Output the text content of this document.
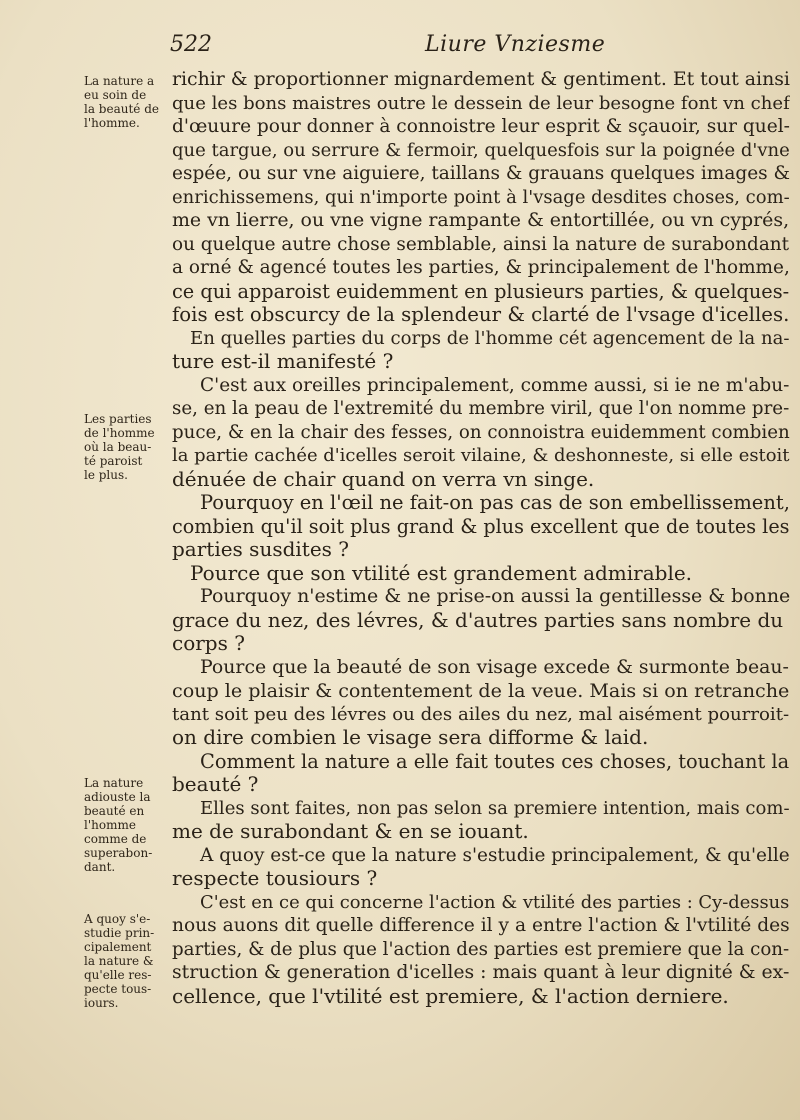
522	Liure Vnziesme
La nature a
eu soin de
la beauté de
l'homme.
Les parties
de l'homme
où la beau-
té paroist
le plus.
La nature
adiouste la
beauté en
l'homme
comme de
superabon-
dant.
A quoy s'e-
studie prin-
cipalement
la nature &
qu'elle res-
pecte tous-
iours.
richir & proportionner mignardement & gentiment. Et tout ainsi
que les bons maistres outre le dessein de leur besogne font vn chef
d'œuure pour donner à connoistre leur esprit & sçauoir, sur quel-
que targue, ou serrure & fermoir, quelquesfois sur la poignée d'vne
espée, ou sur vne aiguiere, taillans & grauans quelques images &
enrichissemens, qui n'importe point à l'vsage desdites choses, com-
me vn lierre, ou vne vigne rampante & entortillée, ou vn cyprés,
ou quelque autre chose semblable, ainsi la nature de surabondant
a orné & agencé toutes les parties, & principalement de l'homme,
ce qui apparoist euidemment en plusieurs parties, & quelques-
fois est obscurcy de la splendeur & clarté de l'vsage d'icelles.
En quelles parties du corps de l'homme cét agencement de la na-
ture est-il manifesté ?
C'est aux oreilles principalement, comme aussi, si ie ne m'abu-
se, en la peau de l'extremité du membre viril, que l'on nomme pre-
puce, & en la chair des fesses, on connoistra euidemment combien
la partie cachée d'icelles seroit vilaine, & deshonneste, si elle estoit
dénuée de chair quand on verra vn singe.
Pourquoy en l'œil ne fait-on pas cas de son embellissement,
combien qu'il soit plus grand & plus excellent que de toutes les
parties susdites ?
Pource que son vtilité est grandement admirable.
Pourquoy n'estime & ne prise-on aussi la gentillesse & bonne
grace du nez, des lévres, & d'autres parties sans nombre du
corps ?
Pource que la beauté de son visage excede & surmonte beau-
coup le plaisir & contentement de la veue. Mais si on retranche
tant soit peu des lévres ou des ailes du nez, mal aisément pourroit-
on dire combien le visage sera difforme & laid.
Comment la nature a elle fait toutes ces choses, touchant la
beauté ?
Elles sont faites, non pas selon sa premiere intention, mais com-
me de surabondant & en se iouant.
A quoy est-ce que la nature s'estudie principalement, & qu'elle
respecte tousiours ?
C'est en ce qui concerne l'action & vtilité des parties : Cy-dessus
nous auons dit quelle difference il y a entre l'action & l'vtilité des
parties, & de plus que l'action des parties est premiere que la con-
struction & generation d'icelles : mais quant à leur dignité & ex-
cellence, que l'vtilité est premiere, & l'action derniere.
